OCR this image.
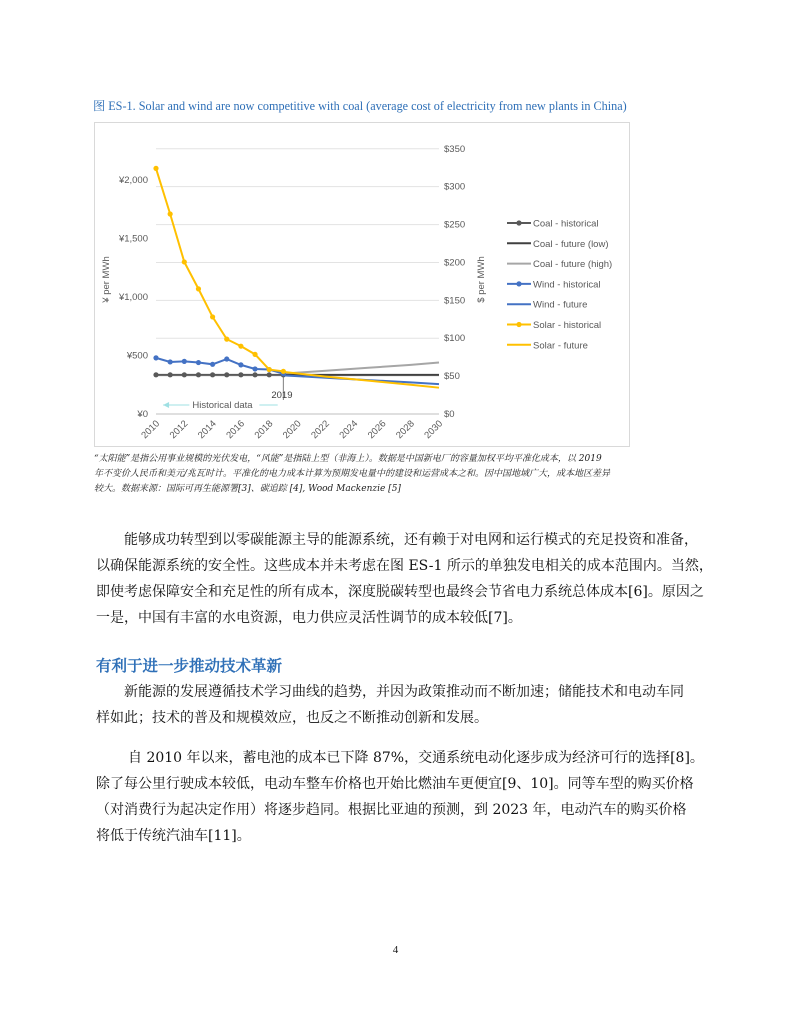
图 ES-1. Solar and wind are now competitive with coal (average cost of electricity from new plants in China)
$0
$50
$100
$150
$200
$250
$300
$350
¥0
¥500
¥1,000
¥1,500
¥2,000
¥ per MWh	$ per MWh
2010 2012 2014 2016 2018 2020 2022 2024 2026 2028 2030
2019
Historical data
Coal - historical
Coal - future (low)
Coal - future (high)
Wind - historical
Wind - future
Solar - historical
Solar - future
“太阳能”是指公用事业规模的光伏发电，“风能”是指陆上型（非海上）。数据是中国新电厂的容量加权平均平准化成本，以 2019
年不变价人民币和美元/兆瓦时计。平准化的电力成本计算为预期发电量中的建设和运营成本之和。因中国地域广大，成本地区差异
较大。数据来源：国际可再生能源署[3]、碳追踪 [4], Wood Mackenzie [5]
能够成功转型到以零碳能源主导的能源系统，还有赖于对电网和运行模式的充足投资和准备，
以确保能源系统的安全性。这些成本并未考虑在图 ES-1 所示的单独发电相关的成本范围内。当然，
即使考虑保障安全和充足性的所有成本，深度脱碳转型也最终会节省电力系统总体成本[6]。原因之
一是，中国有丰富的水电资源，电力供应灵活性调节的成本较低[7]。
有利于进一步推动技术革新
新能源的发展遵循技术学习曲线的趋势，并因为政策推动而不断加速；储能技术和电动车同
样如此；技术的普及和规模效应，也反之不断推动创新和发展。
自 2010 年以来，蓄电池的成本已下降 87%，交通系统电动化逐步成为经济可行的选择[8]。
除了每公里行驶成本较低，电动车整车价格也开始比燃油车更便宜[9、10]。同等车型的购买价格
（对消费行为起决定作用）将逐步趋同。根据比亚迪的预测，到 2023 年，电动汽车的购买价格
将低于传统汽油车[11]。
4
